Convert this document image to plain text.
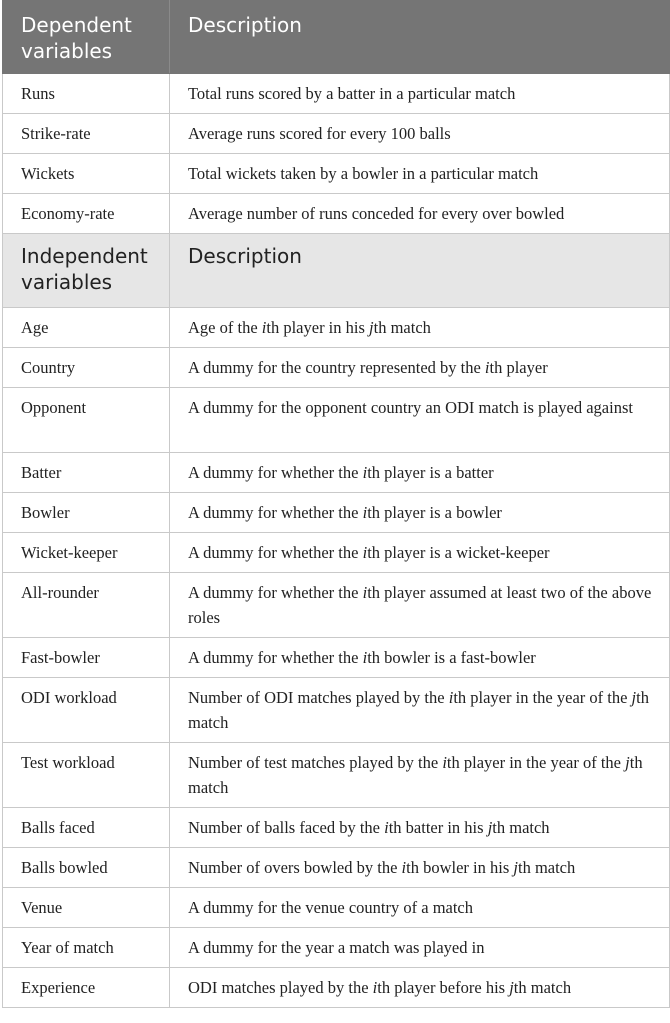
Dependent variables	Description
Runs	Total runs scored by a batter in a particular match
Strike-rate	Average runs scored for every 100 balls
Wickets	Total wickets taken by a bowler in a particular match
Economy-rate	Average number of runs conceded for every over bowled
Independent variables	Description
Age	Age of the ith player in his jth match
Country	A dummy for the country represented by the ith player
Opponent	A dummy for the opponent country an ODI match is played against
Batter	A dummy for whether the ith player is a batter
Bowler	A dummy for whether the ith player is a bowler
Wicket-keeper	A dummy for whether the ith player is a wicket-keeper
All-rounder	A dummy for whether the ith player assumed at least two of the above roles
Fast-bowler	A dummy for whether the ith bowler is a fast-bowler
ODI workload	Number of ODI matches played by the ith player in the year of the jth match
Test workload	Number of test matches played by the ith player in the year of the jth match
Balls faced	Number of balls faced by the ith batter in his jth match
Balls bowled	Number of overs bowled by the ith bowler in his jth match
Venue	A dummy for the venue country of a match
Year of match	A dummy for the year a match was played in
Experience	ODI matches played by the ith player before his jth match
